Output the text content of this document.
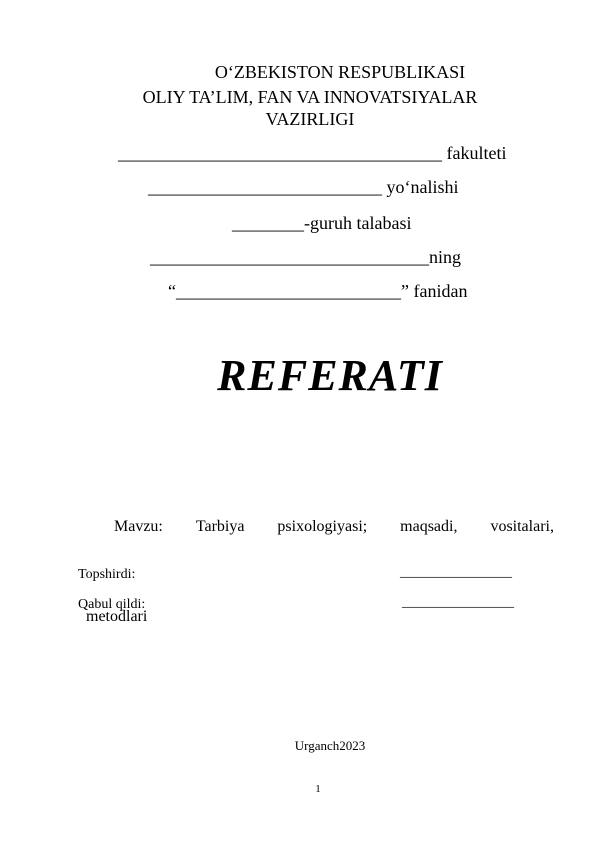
O‘ZBEKISTON RESPUBLIKASI
OLIY TA’LIM, FAN VA INNOVATSIYALAR
VAZIRLIGI
____________________________________ fakulteti
__________________________ yo‘nalishi
________-guruh talabasi
_______________________________ning
“_________________________” fanidan
REFERATI

Mavzu: Tarbiya psixologiyasi; maqsadi, vositalari,

metodlari

Topshirdi:	________________
Qabul qildi:	________________
Urganch2023
1
